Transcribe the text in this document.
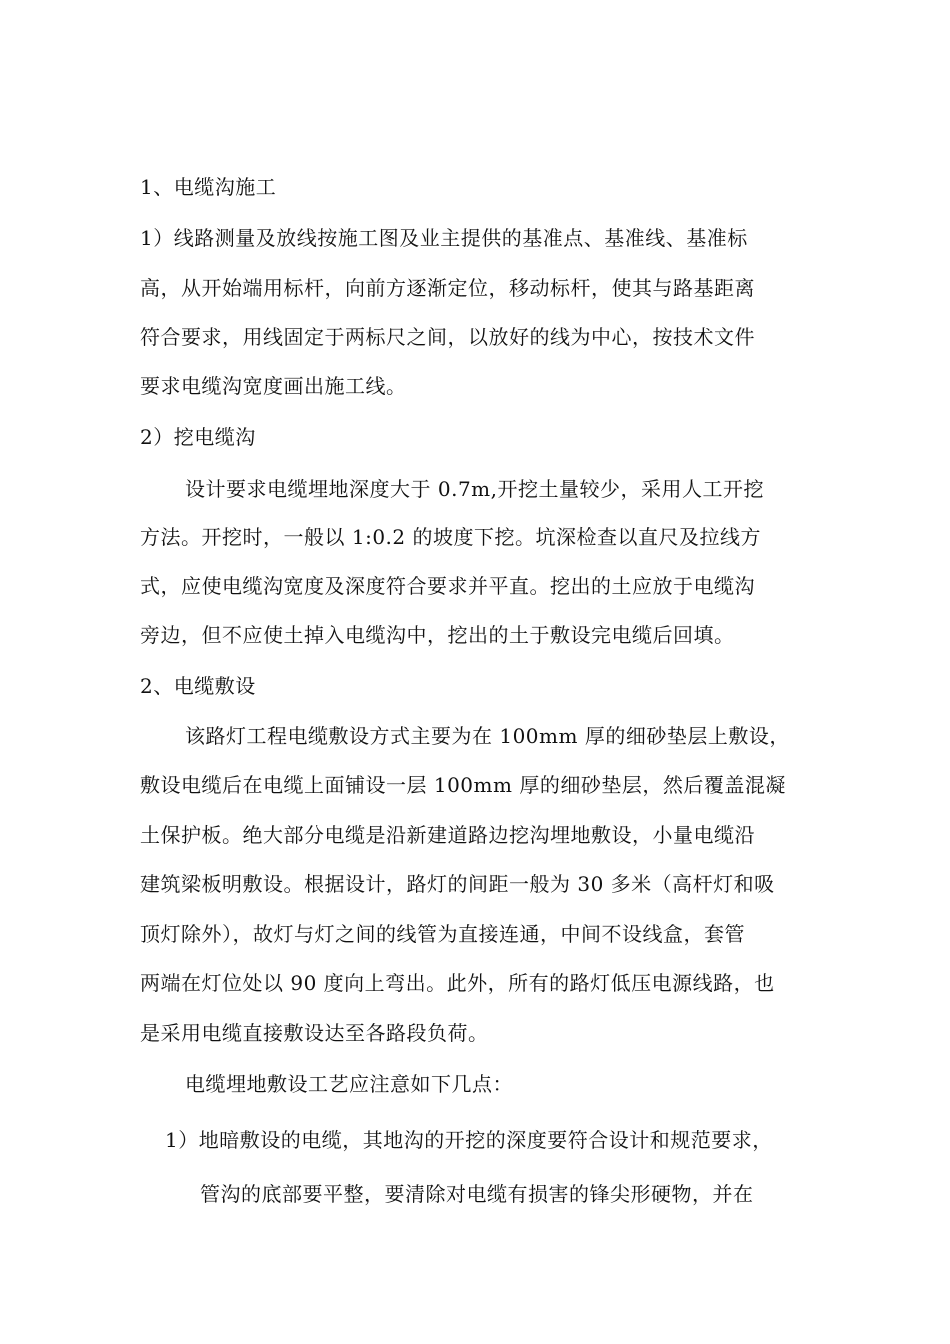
1、电缆沟施工
1）线路测量及放线按施工图及业主提供的基准点、基准线、基准标
高，从开始端用标杆，向前方逐渐定位，移动标杆，使其与路基距离
符合要求，用线固定于两标尺之间，以放好的线为中心，按技术文件
要求电缆沟宽度画出施工线。
2）挖电缆沟
设计要求电缆埋地深度大于 0.7m,开挖土量较少，采用人工开挖
方法。开挖时，一般以 1:0.2 的坡度下挖。坑深检查以直尺及拉线方
式，应使电缆沟宽度及深度符合要求并平直。挖出的土应放于电缆沟
旁边，但不应使土掉入电缆沟中，挖出的土于敷设完电缆后回填。
2、电缆敷设
该路灯工程电缆敷设方式主要为在 100mm 厚的细砂垫层上敷设，
敷设电缆后在电缆上面铺设一层 100mm 厚的细砂垫层，然后覆盖混凝
土保护板。绝大部分电缆是沿新建道路边挖沟埋地敷设，小量电缆沿
建筑梁板明敷设。根据设计，路灯的间距一般为 30 多米（高杆灯和吸
顶灯除外），故灯与灯之间的线管为直接连通，中间不设线盒，套管
两端在灯位处以 90 度向上弯出。此外，所有的路灯低压电源线路，也
是采用电缆直接敷设达至各路段负荷。
电缆埋地敷设工艺应注意如下几点：
1）地暗敷设的电缆，其地沟的开挖的深度要符合设计和规范要求，
管沟的底部要平整，要清除对电缆有损害的锋尖形硬物，并在
